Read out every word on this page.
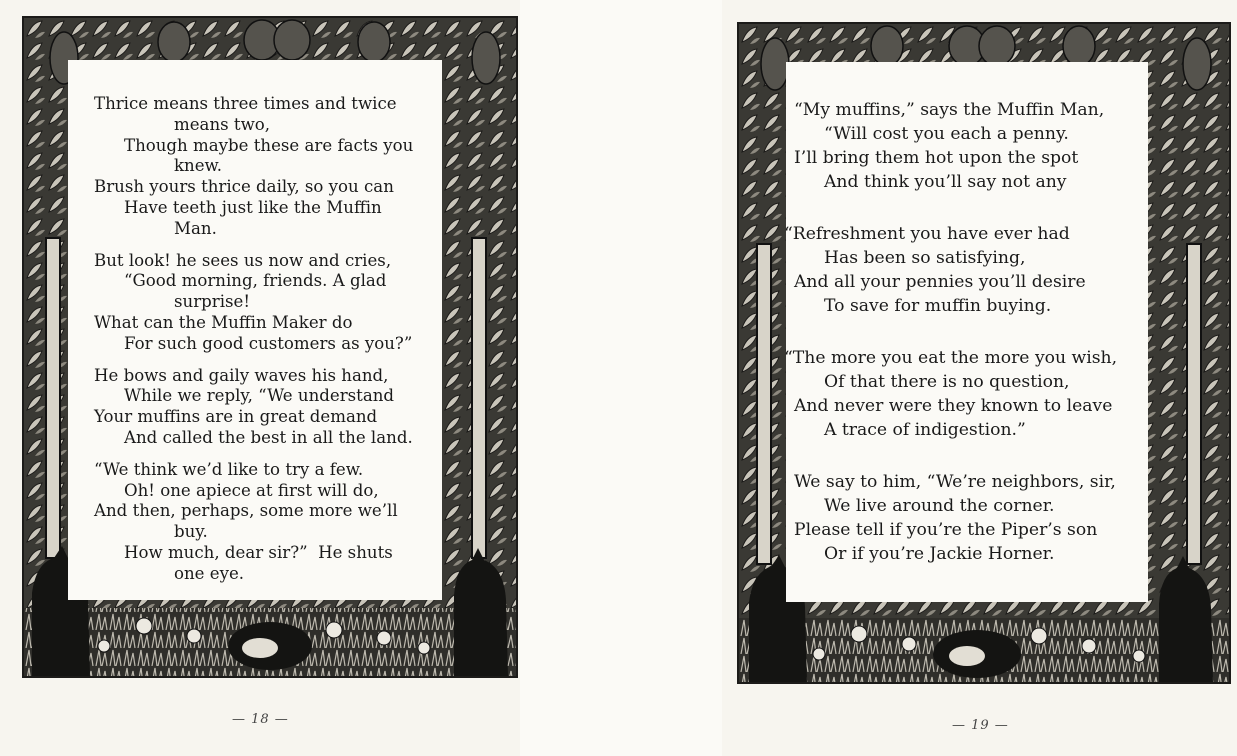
Thrice means three times and twice
means two,
Though maybe these are facts you
knew.
Brush yours thrice daily, so you can
Have teeth just like the Muffin
Man.
But look! he sees us now and cries,
“Good morning, friends. A glad
surprise!
What can the Muffin Maker do
For such good customers as you?”
He bows and gaily waves his hand,
While we reply, “We understand
Your muffins are in great demand
And called the best in all the land.
“We think we’d like to try a few.
Oh! one apiece at first will do,
And then, perhaps, some more we’ll
buy.
How much, dear sir?”  He shuts
one eye.
— 18 —
“My muffins,” says the Muffin Man,
“Will cost you each a penny.
I’ll bring them hot upon the spot
And think you’ll say not any
“Refreshment you have ever had
Has been so satisfying,
And all your pennies you’ll desire
To save for muffin buying.
“The more you eat the more you wish,
Of that there is no question,
And never were they known to leave
A trace of indigestion.”
We say to him, “We’re neighbors, sir,
We live around the corner.
Please tell if you’re the Piper’s son
Or if you’re Jackie Horner.
— 19 —
